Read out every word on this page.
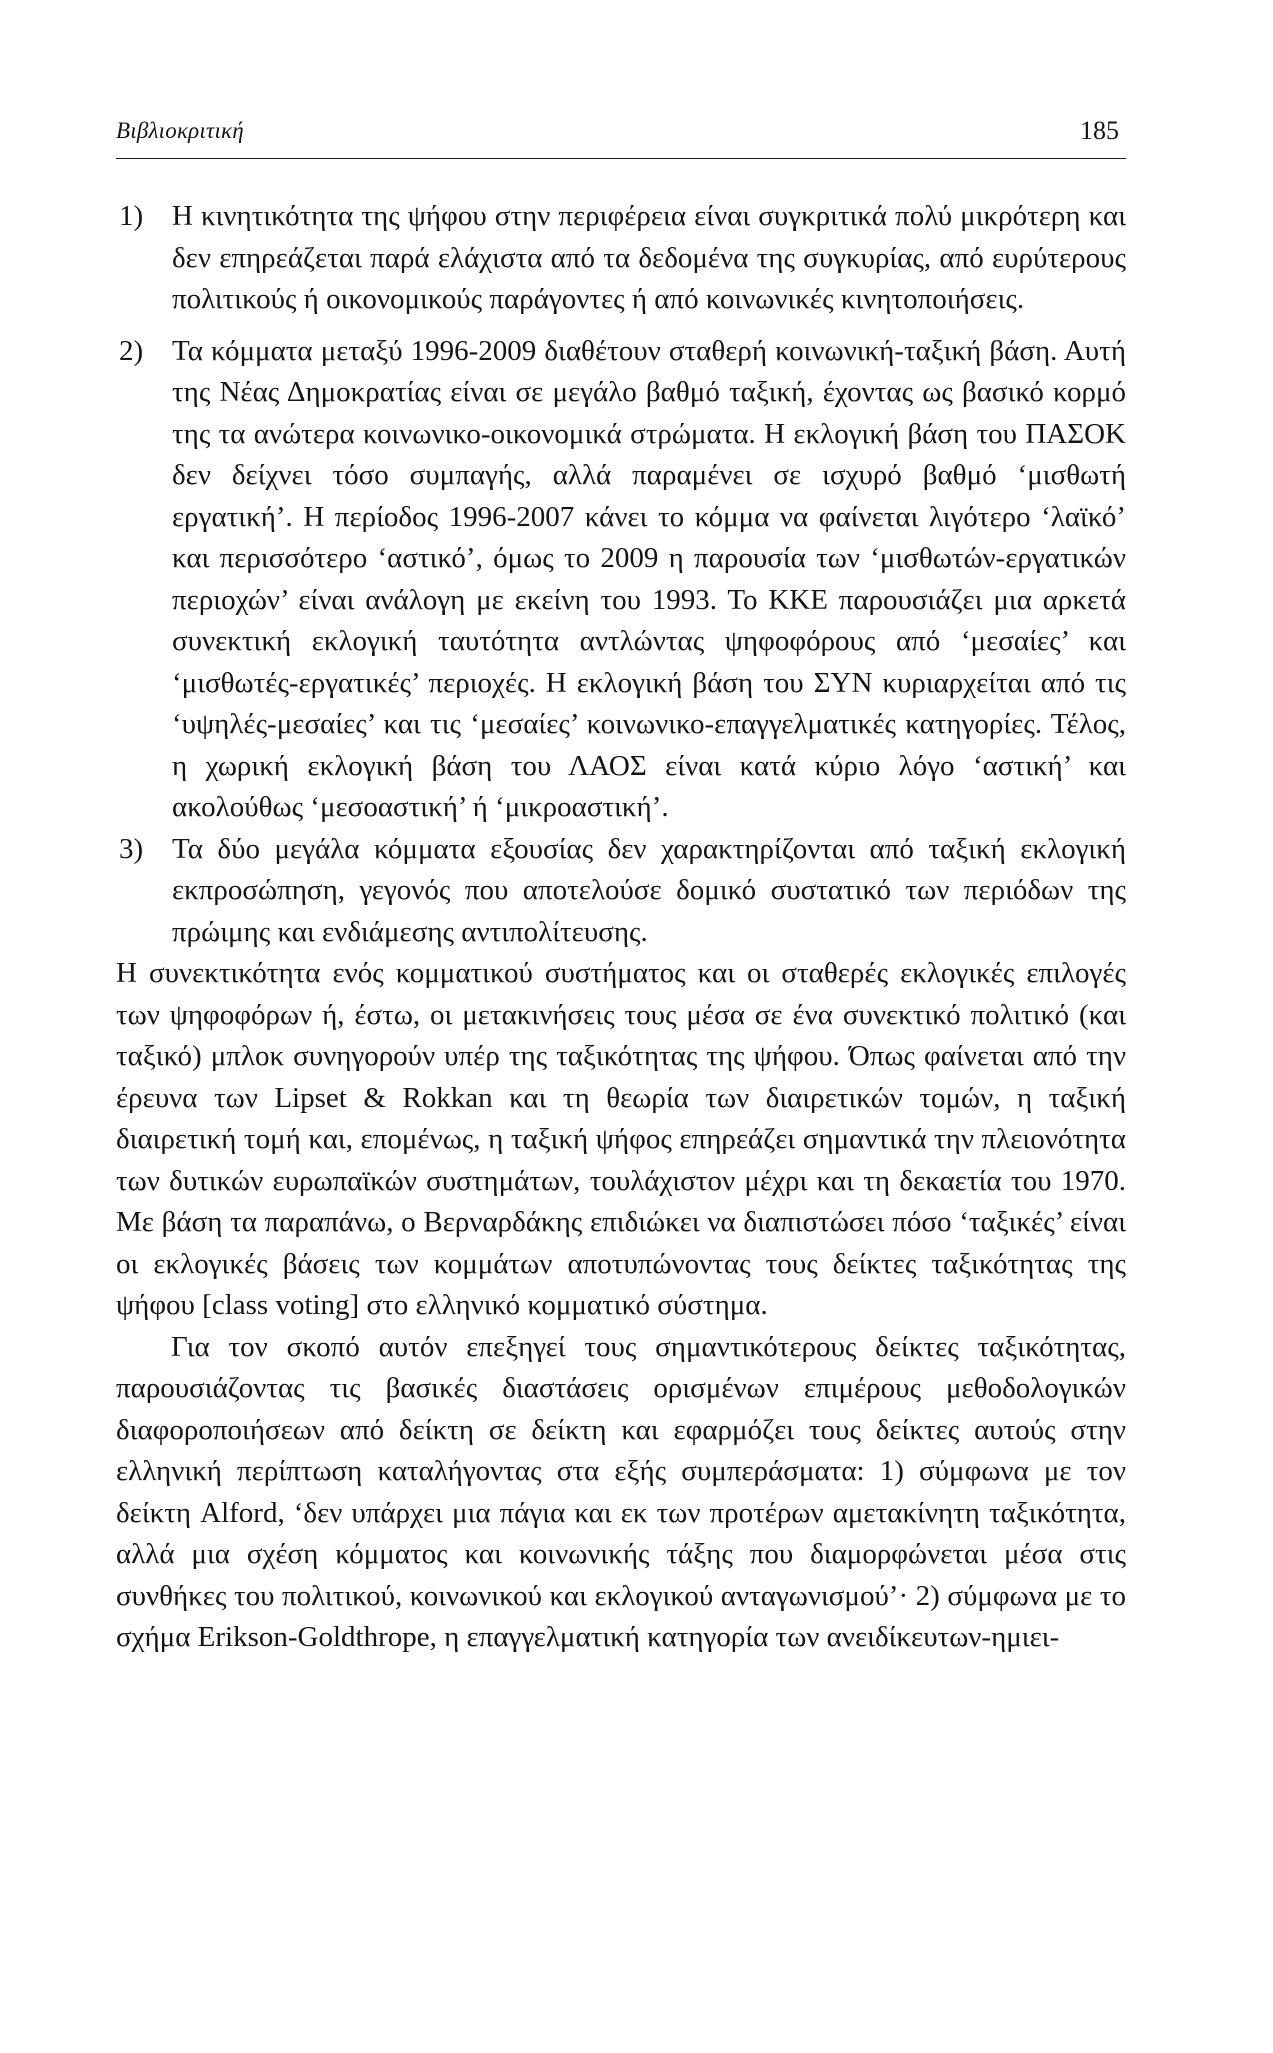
Βιβλιοκριτική	185
1) Η κινητικότητα της ψήφου στην περιφέρεια είναι συγκριτικά πολύ μικρότερη και δεν επηρεάζεται παρά ελάχιστα από τα δεδομένα της συγκυρίας, από ευρύτερους πολιτικούς ή οικονομικούς παράγοντες ή από κοινωνικές κινητοποιήσεις.
2) Τα κόμματα μεταξύ 1996-2009 διαθέτουν σταθερή κοινωνική-ταξική βάση. Αυτή της Νέας Δημοκρατίας είναι σε μεγάλο βαθμό ταξική, έχοντας ως βασικό κορμό της τα ανώτερα κοινωνικο-οικονομικά στρώματα. Η εκλογική βάση του ΠΑΣΟΚ δεν δείχνει τόσο συμπαγής, αλλά παραμένει σε ισχυρό βαθμό ‘μισθωτή εργατική’. Η περίοδος 1996-2007 κάνει το κόμμα να φαίνεται λιγότερο ‘λαϊκό’ και περισσότερο ‘αστικό’, όμως το 2009 η παρουσία των ‘μισθωτών-εργατικών περιοχών’ είναι ανάλογη με εκείνη του 1993. Το ΚΚΕ παρουσιάζει μια αρκετά συνεκτική εκλογική ταυτότητα αντλώντας ψηφοφόρους από ‘μεσαίες’ και ‘μισθωτές-εργατικές’ περιοχές. Η εκλογική βάση του ΣΥΝ κυριαρχείται από τις ‘υψηλές-μεσαίες’ και τις ‘μεσαίες’ κοινωνικο-επαγγελματικές κατηγορίες. Τέλος, η χωρική εκλογική βάση του ΛΑΟΣ είναι κατά κύριο λόγο ‘αστική’ και ακολούθως ‘μεσοαστική’ ή ‘μικροαστική’.
3) Τα δύο μεγάλα κόμματα εξουσίας δεν χαρακτηρίζονται από ταξική εκλογική εκπροσώπηση, γεγονός που αποτελούσε δομικό συστατικό των περιόδων της πρώιμης και ενδιάμεσης αντιπολίτευσης.

Η συνεκτικότητα ενός κομματικού συστήματος και οι σταθερές εκλογικές επιλογές των ψηφοφόρων ή, έστω, οι μετακινήσεις τους μέσα σε ένα συνεκτικό πολιτικό (και ταξικό) μπλοκ συνηγορούν υπέρ της ταξικότητας της ψήφου. Όπως φαίνεται από την έρευνα των Lipset & Rokkan και τη θεωρία των διαιρετικών τομών, η ταξική διαιρετική τομή και, επομένως, η ταξική ψήφος επηρεάζει σημαντικά την πλειονότητα των δυτικών ευρωπαϊκών συστημάτων, τουλάχιστον μέχρι και τη δεκαετία του 1970. Με βάση τα παραπάνω, ο Βερναρδάκης επιδιώκει να διαπιστώσει πόσο ‘ταξικές’ είναι οι εκλογικές βάσεις των κομμάτων αποτυπώνοντας τους δείκτες ταξικότητας της ψήφου [class voting] στο ελληνικό κομματικό σύστημα.

Για τον σκοπό αυτόν επεξηγεί τους σημαντικότερους δείκτες ταξικότητας, παρουσιάζοντας τις βασικές διαστάσεις ορισμένων επιμέρους μεθοδολογικών διαφοροποιήσεων από δείκτη σε δείκτη και εφαρμόζει τους δείκτες αυτούς στην ελληνική περίπτωση καταλήγοντας στα εξής συμπεράσματα: 1) σύμφωνα με τον δείκτη Alford, ‘δεν υπάρχει μια πάγια και εκ των προτέρων αμετακίνητη ταξικότητα, αλλά μια σχέση κόμματος και κοινωνικής τάξης που διαμορφώνεται μέσα στις συνθήκες του πολιτικού, κοινωνικού και εκλογικού ανταγωνισμού’· 2) σύμφωνα με το σχήμα Erikson-Goldthrope, η επαγγελματική κατηγορία των ανειδίκευτων-ημιει-
